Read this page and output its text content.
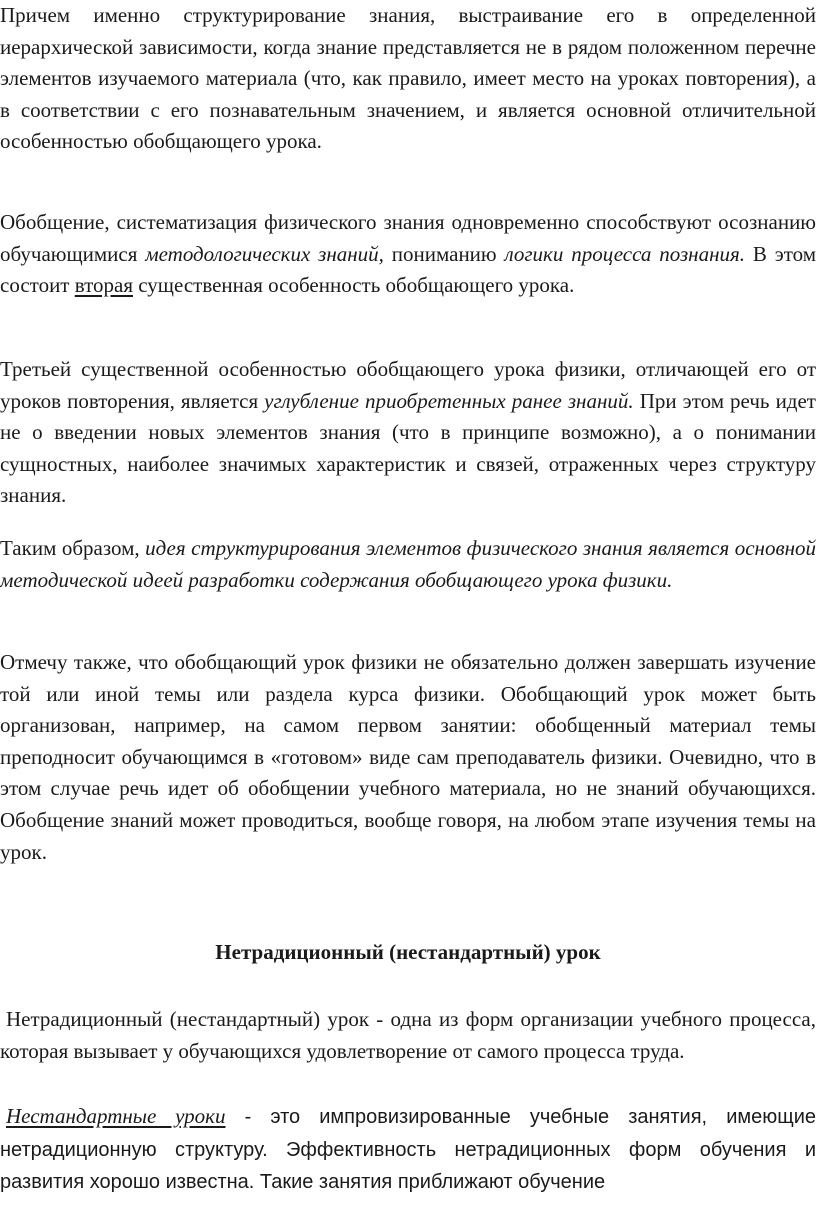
Причем именно структурирование знания, выстраивание его в определенной иерархической зависимости, когда знание представляется не в рядом положенном перечне элементов изучаемого материала (что, как правило, имеет место на уроках повторения), а в соответствии с его познавательным значением, и является основной отличительной особенностью обобщающего урока.

Обобщение, систематизация физического знания одновременно способствуют осознанию обучающимися методологических знаний, пониманию логики процесса познания. В этом состоит вторая существенная особенность обобщающего урока.

Третьей существенной особенностью обобщающего урока физики, отличающей его от уроков повторения, является углубление приобретенных ранее знаний. При этом речь идет не о введении новых элементов знания (что в принципе возможно), а о понимании сущностных, наиболее значимых характеристик и связей, отраженных через структуру знания.

Таким образом, идея структурирования элементов физического знания является основной методической идеей разработки содержания обобщающего урока физики.

Отмечу также, что обобщающий урок физики не обязательно должен завершать изучение той или иной темы или раздела курса физики. Обобщающий урок может быть организован, например, на самом первом занятии: обобщенный материал темы преподносит обучающимся в «готовом» виде сам преподаватель физики. Очевидно, что в этом случае речь идет об обобщении учебного материала, но не знаний обучающихся. Обобщение знаний может проводиться, вообще говоря, на любом этапе изучения темы на урок.

Нетрадиционный (нестандартный) урок

Нетрадиционный (нестандартный) урок - одна из форм организации учебного процесса, которая вызывает у обучающихся удовлетворение от самого процесса труда.

Нестандартные уроки - это импровизированные учебные занятия, имеющие нетрадиционную структуру. Эффективность нетрадиционных форм обучения и развития хорошо известна. Такие занятия приближают обучение
